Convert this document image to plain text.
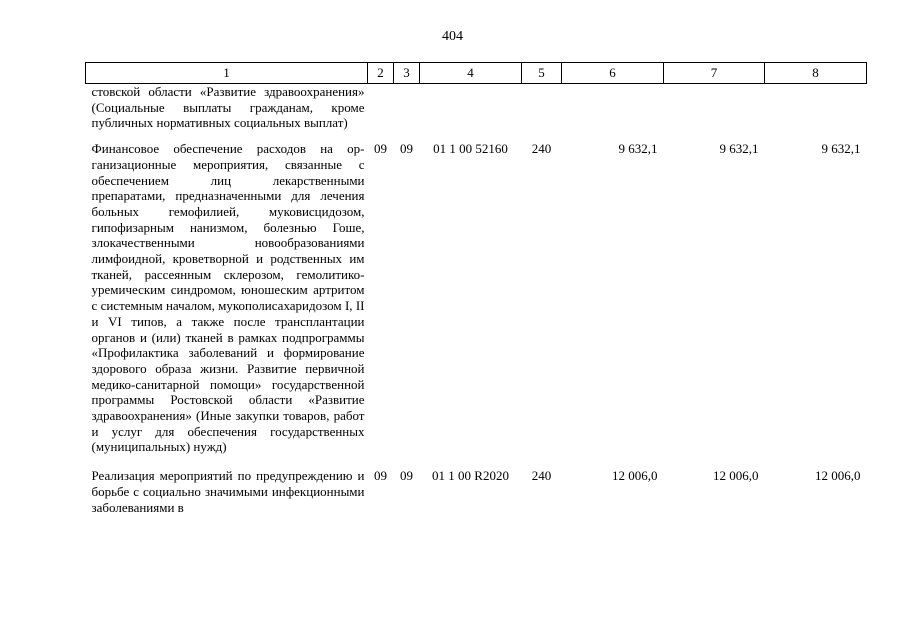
404
1	2	3	4	5	6	7	8
стовской области «Развитие здравоохранения» (Социальные выплаты гражданам, кроме публичных нормативных социальных выплат)							
Финансовое обеспечение расходов на организационные мероприятия, связанные с обеспечением лиц лекарственными препаратами, предназначенными для лечения больных гемофилией, муковисцидозом, гипофизарным нанизмом, болезнью Гоше, злокачественными новообразованиями лимфоидной, кроветворной и родственных им тканей, рассеянным склерозом, гемолитико-уремическим синдромом, юношеским артритом с системным началом, мукополисахаридозом I, II и VI типов, а также после трансплантации органов и (или) тканей в рамках подпрограммы «Профилактика заболеваний и формирование здорового образа жизни. Развитие первичной медико-санитарной помощи» государственной программы Ростовской области «Развитие здравоохранения» (Иные закупки товаров, работ и услуг для обеспечения государственных (муниципальных) нужд)	09	09	01 1 00 52160	240	9 632,1	9 632,1	9 632,1
Реализация мероприятий по предупреждению и борьбе с социально значимыми инфекционными заболеваниями в	09	09	01 1 00 R2020	240	12 006,0	12 006,0	12 006,0
